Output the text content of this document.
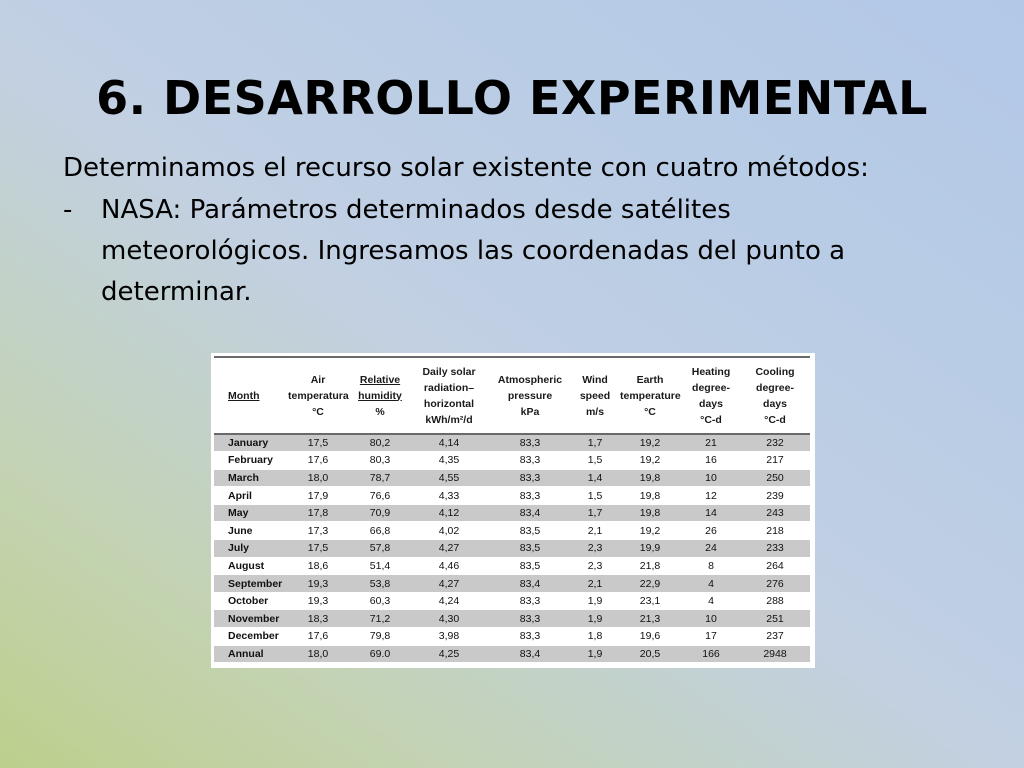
6. DESARROLLO EXPERIMENTAL

Determinamos el recurso solar existente con cuatro métodos:

-	NASA: Parámetros determinados desde satélites meteorológicos. Ingresamos las coordenadas del punto a determinar.
Month	Air
temperatura
°C	Relative
humidity
%	Daily solar
radiation–
horizontal
kWh/m²/d	Atmospheric
pressure
kPa	Wind
speed
m/s	Earth
temperature
°C	Heating
degree-
days
°C-d	Cooling
degree-
days
°C-d

January	17,5	80,2	4,14	83,3	1,7	19,2	21	232
February	17,6	80,3	4,35	83,3	1,5	19,2	16	217
March	18,0	78,7	4,55	83,3	1,4	19,8	10	250
April	17,9	76,6	4,33	83,3	1,5	19,8	12	239
May	17,8	70,9	4,12	83,4	1,7	19,8	14	243
June	17,3	66,8	4,02	83,5	2,1	19,2	26	218
July	17,5	57,8	4,27	83,5	2,3	19,9	24	233
August	18,6	51,4	4,46	83,5	2,3	21,8	8	264
September	19,3	53,8	4,27	83,4	2,1	22,9	4	276
October	19,3	60,3	4,24	83,3	1,9	23,1	4	288
November	18,3	71,2	4,30	83,3	1,9	21,3	10	251
December	17,6	79,8	3,98	83,3	1,8	19,6	17	237
Annual	18,0	69.0	4,25	83,4	1,9	20,5	166	2948
